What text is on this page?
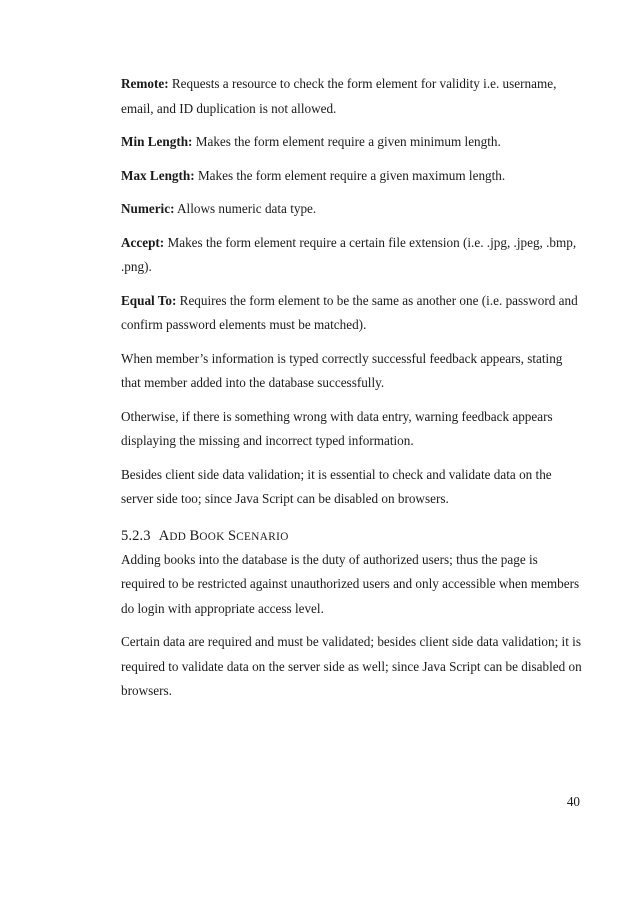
Remote: Requests a resource to check the form element for validity i.e. username, email, and ID duplication is not allowed.

Min Length: Makes the form element require a given minimum length.

Max Length: Makes the form element require a given maximum length.

Numeric: Allows numeric data type.

Accept: Makes the form element require a certain file extension (i.e. .jpg, .jpeg, .bmp, .png).

Equal To: Requires the form element to be the same as another one (i.e. password and confirm password elements must be matched).

When member’s information is typed correctly successful feedback appears, stating that member added into the database successfully.

Otherwise, if there is something wrong with data entry, warning feedback appears displaying the missing and incorrect typed information.

Besides client side data validation; it is essential to check and validate data on the server side too; since Java Script can be disabled on browsers.

5.2.3 ADD BOOK SCENARIO

Adding books into the database is the duty of authorized users; thus the page is required to be restricted against unauthorized users and only accessible when members do login with appropriate access level.

Certain data are required and must be validated; besides client side data validation; it is required to validate data on the server side as well; since Java Script can be disabled on browsers.

40
